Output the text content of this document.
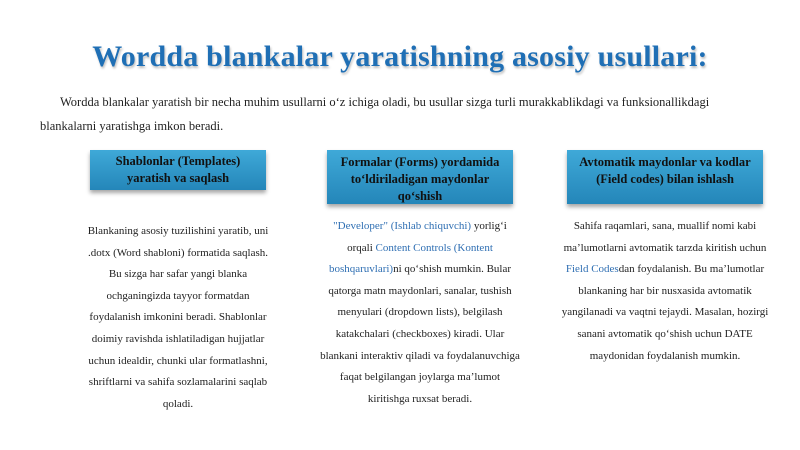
Wordda blankalar yaratishning asosiy usullari:
Wordda blankalar yaratish bir necha muhim usullarni o‘z ichiga oladi, bu usullar sizga turli murakkablikdagi va funksionallikdagi blankalarni yaratishga imkon beradi.
Shablonlar (Templates) yaratish va saqlash
Blankaning asosiy tuzilishini yaratib, uni .dotx (Word shabloni) formatida saqlash. Bu sizga har safar yangi blanka ochganingizda tayyor formatdan foydalanish imkonini beradi. Shablonlar doimiy ravishda ishlatiladigan hujjatlar uchun idealdir, chunki ular formatlashni, shriftlarni va sahifa sozlamalarini saqlab qoladi.
Formalar (Forms) yordamida to‘ldiriladigan maydonlar qo‘shish
"Developer" (Ishlab chiquvchi) yorlig‘i orqali Content Controls (Kontent boshqaruvlari)ni qo‘shish mumkin. Bular qatorga matn maydonlari, sanalar, tushish menyulari (dropdown lists), belgilash katakchalari (checkboxes) kiradi. Ular blankani interaktiv qiladi va foydalanuvchiga faqat belgilangan joylarga ma’lumot kiritishga ruxsat beradi.
Avtomatik maydonlar va kodlar (Field codes) bilan ishlash
Sahifa raqamlari, sana, muallif nomi kabi ma’lumotlarni avtomatik tarzda kiritish uchun Field Codesdan foydalanish. Bu ma’lumotlar blankaning har bir nusxasida avtomatik yangilanadi va vaqtni tejaydi. Masalan, hozirgi sanani avtomatik qo‘shish uchun DATE maydonidan foydalanish mumkin.
